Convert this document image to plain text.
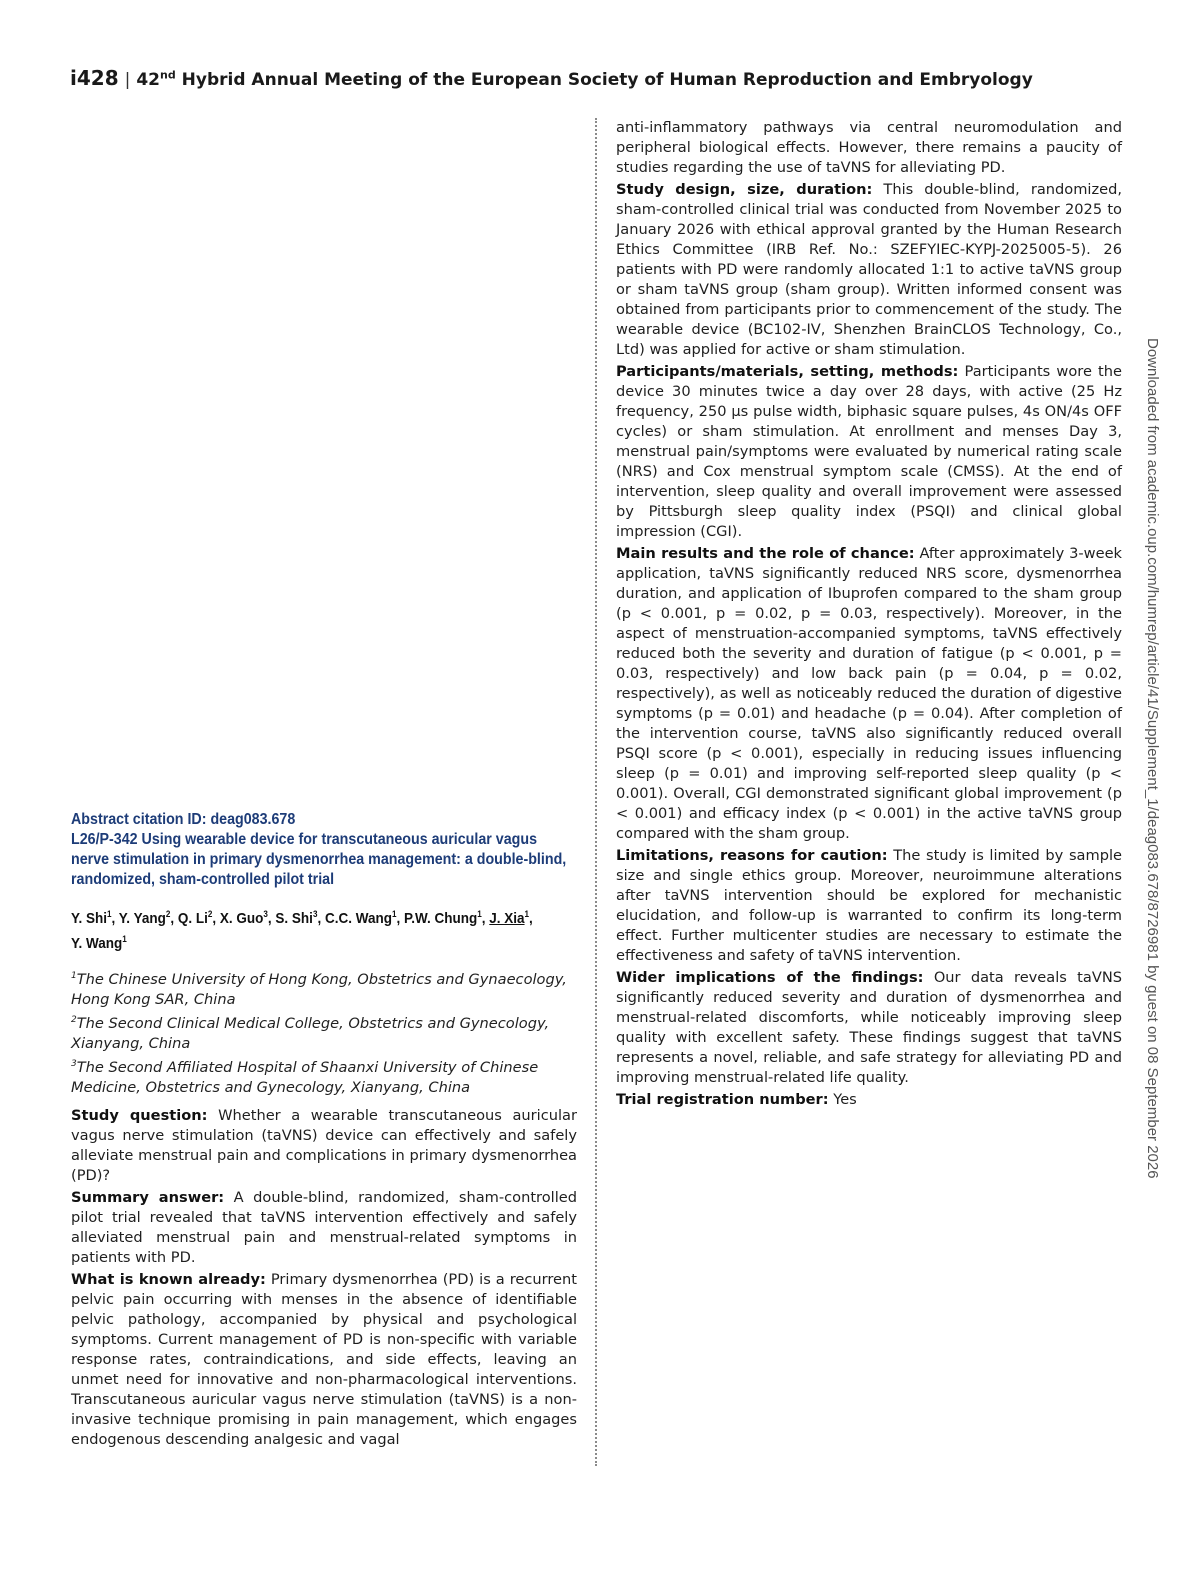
i428 | 42nd Hybrid Annual Meeting of the European Society of Human Reproduction and Embryology
Abstract citation ID: deag083.678
L26/P-342 Using wearable device for transcutaneous auricular vagus nerve stimulation in primary dysmenorrhea management: a double-blind, randomized, sham-controlled pilot trial
Y. Shi$^1$, Y. Yang$^2$, Q. Li$^2$, X. Guo$^3$, S. Shi$^3$, C.C. Wang$^1$, P.W. Chung$^1$, J. Xia$^1$,
Y. Wang$^1$
$^1$The Chinese University of Hong Kong, Obstetrics and Gynaecology, Hong Kong SAR, China
$^2$The Second Clinical Medical College, Obstetrics and Gynecology, Xianyang, China
$^3$The Second Affiliated Hospital of Shaanxi University of Chinese Medicine, Obstetrics and Gynecology, Xianyang, China

Study question: Whether a wearable transcutaneous auricular vagus nerve stimulation (taVNS) device can effectively and safely alleviate menstrual pain and complications in primary dysmenorrhea (PD)?

Summary answer: A double-blind, randomized, sham-controlled pilot trial revealed that taVNS intervention effectively and safely alleviated menstrual pain and menstrual-related symptoms in patients with PD.

What is known already: Primary dysmenorrhea (PD) is a recurrent pelvic pain occurring with menses in the absence of identifiable pelvic pathology, accompanied by physical and psychological symptoms. Current management of PD is non-specific with variable response rates, contraindications, and side effects, leaving an unmet need for innovative and non-pharmacological interventions. Transcutaneous auricular vagus nerve stimulation (taVNS) is a non-invasive technique promising in pain management, which engages endogenous descending analgesic and vagal

anti-inflammatory pathways via central neuromodulation and peripheral biological effects. However, there remains a paucity of studies regarding the use of taVNS for alleviating PD.

Study design, size, duration: This double-blind, randomized, sham-controlled clinical trial was conducted from November 2025 to January 2026 with ethical approval granted by the Human Research Ethics Committee (IRB Ref. No.: SZEFYIEC-KYPJ-2025005-5). 26 patients with PD were randomly allocated 1:1 to active taVNS group or sham taVNS group (sham group). Written informed consent was obtained from participants prior to commencement of the study. The wearable device (BC102-IV, Shenzhen BrainCLOS Technology, Co., Ltd) was applied for active or sham stimulation.

Participants/materials, setting, methods: Participants wore the device 30 minutes twice a day over 28 days, with active (25 Hz frequency, 250 μs pulse width, biphasic square pulses, 4s ON/4s OFF cycles) or sham stimulation. At enrollment and menses Day 3, menstrual pain/symptoms were evaluated by numerical rating scale (NRS) and Cox menstrual symptom scale (CMSS). At the end of intervention, sleep quality and overall improvement were assessed by Pittsburgh sleep quality index (PSQI) and clinical global impression (CGI).

Main results and the role of chance: After approximately 3-week application, taVNS significantly reduced NRS score, dysmenorrhea duration, and application of Ibuprofen compared to the sham group (p < 0.001, p = 0.02, p = 0.03, respectively). Moreover, in the aspect of menstruation-accompanied symptoms, taVNS effectively reduced both the severity and duration of fatigue (p < 0.001, p = 0.03, respectively) and low back pain (p = 0.04, p = 0.02, respectively), as well as noticeably reduced the duration of digestive symptoms (p = 0.01) and headache (p = 0.04). After completion of the intervention course, taVNS also significantly reduced overall PSQI score (p < 0.001), especially in reducing issues influencing sleep (p = 0.01) and improving self-reported sleep quality (p < 0.001). Overall, CGI demonstrated significant global improvement (p < 0.001) and efficacy index (p < 0.001) in the active taVNS group compared with the sham group.

Limitations, reasons for caution: The study is limited by sample size and single ethics group. Moreover, neuroimmune alterations after taVNS intervention should be explored for mechanistic elucidation, and follow-up is warranted to confirm its long-term effect. Further multicenter studies are necessary to estimate the effectiveness and safety of taVNS intervention.

Wider implications of the findings: Our data reveals taVNS significantly reduced severity and duration of dysmenorrhea and menstrual-related discomforts, while noticeably improving sleep quality with excellent safety. These findings suggest that taVNS represents a novel, reliable, and safe strategy for alleviating PD and improving menstrual-related life quality.

Trial registration number: Yes	Downloaded from academic.oup.com/humrep/article/41/Supplement_1/deag083.678/8726981 by guest on 08 September 2026
